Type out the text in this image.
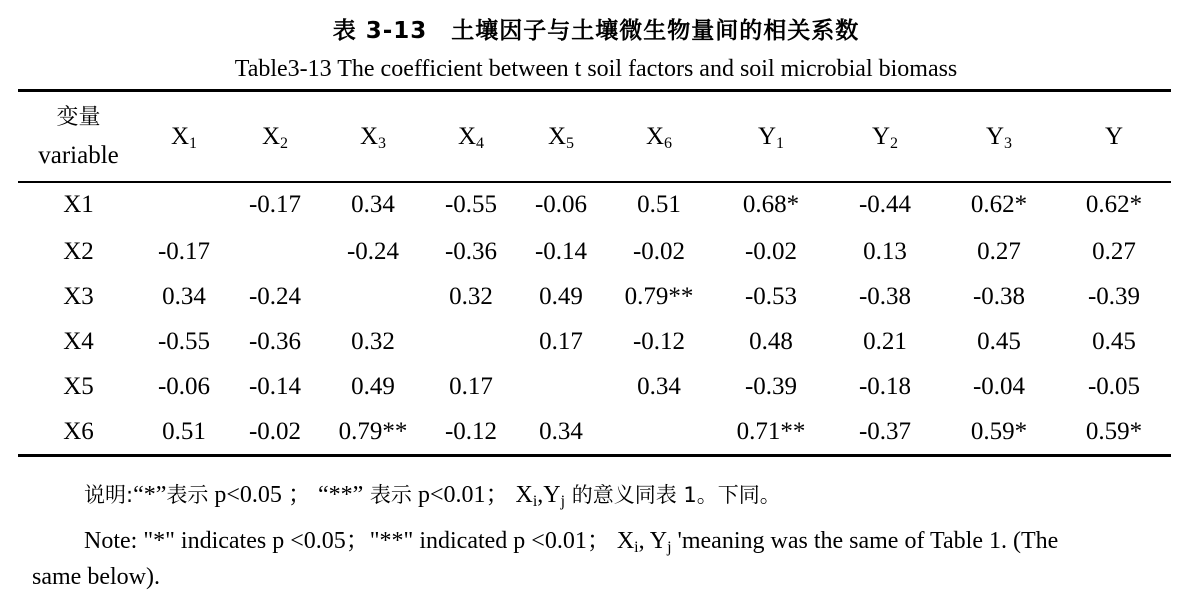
表 3-13　土壤因子与土壤微生物量间的相关系数
Table3-13 The coefficient between t soil factors and soil microbial biomass
变量
variable	$X_1$	$X_2$	$X_3$	$X_4$	$X_5$	$X_6$	$Y_1$	$Y_2$	$Y_3$	Y
X1		-0.17	0.34	-0.55	-0.06	0.51	0.68*	-0.44	0.62*	0.62*
X2	-0.17		-0.24	-0.36	-0.14	-0.02	-0.02	0.13	0.27	0.27
X3	0.34	-0.24		0.32	0.49	0.79**	-0.53	-0.38	-0.38	-0.39
X4	-0.55	-0.36	0.32		0.17	-0.12	0.48	0.21	0.45	0.45
X5	-0.06	-0.14	0.49	0.17		0.34	-0.39	-0.18	-0.04	-0.05
X6	0.51	-0.02	0.79**	-0.12	0.34		0.71**	-0.37	0.59*	0.59*
说明:“*”表示 p<0.05 ； “**” 表示 p<0.01； $X_i,Y_j$ 的意义同表 1。下同。
Note: "*" indicates p <0.05；"**" indicated p <0.01； $X_i$, $Y_j$ 'meaning was the same of Table 1. (The
same below).
